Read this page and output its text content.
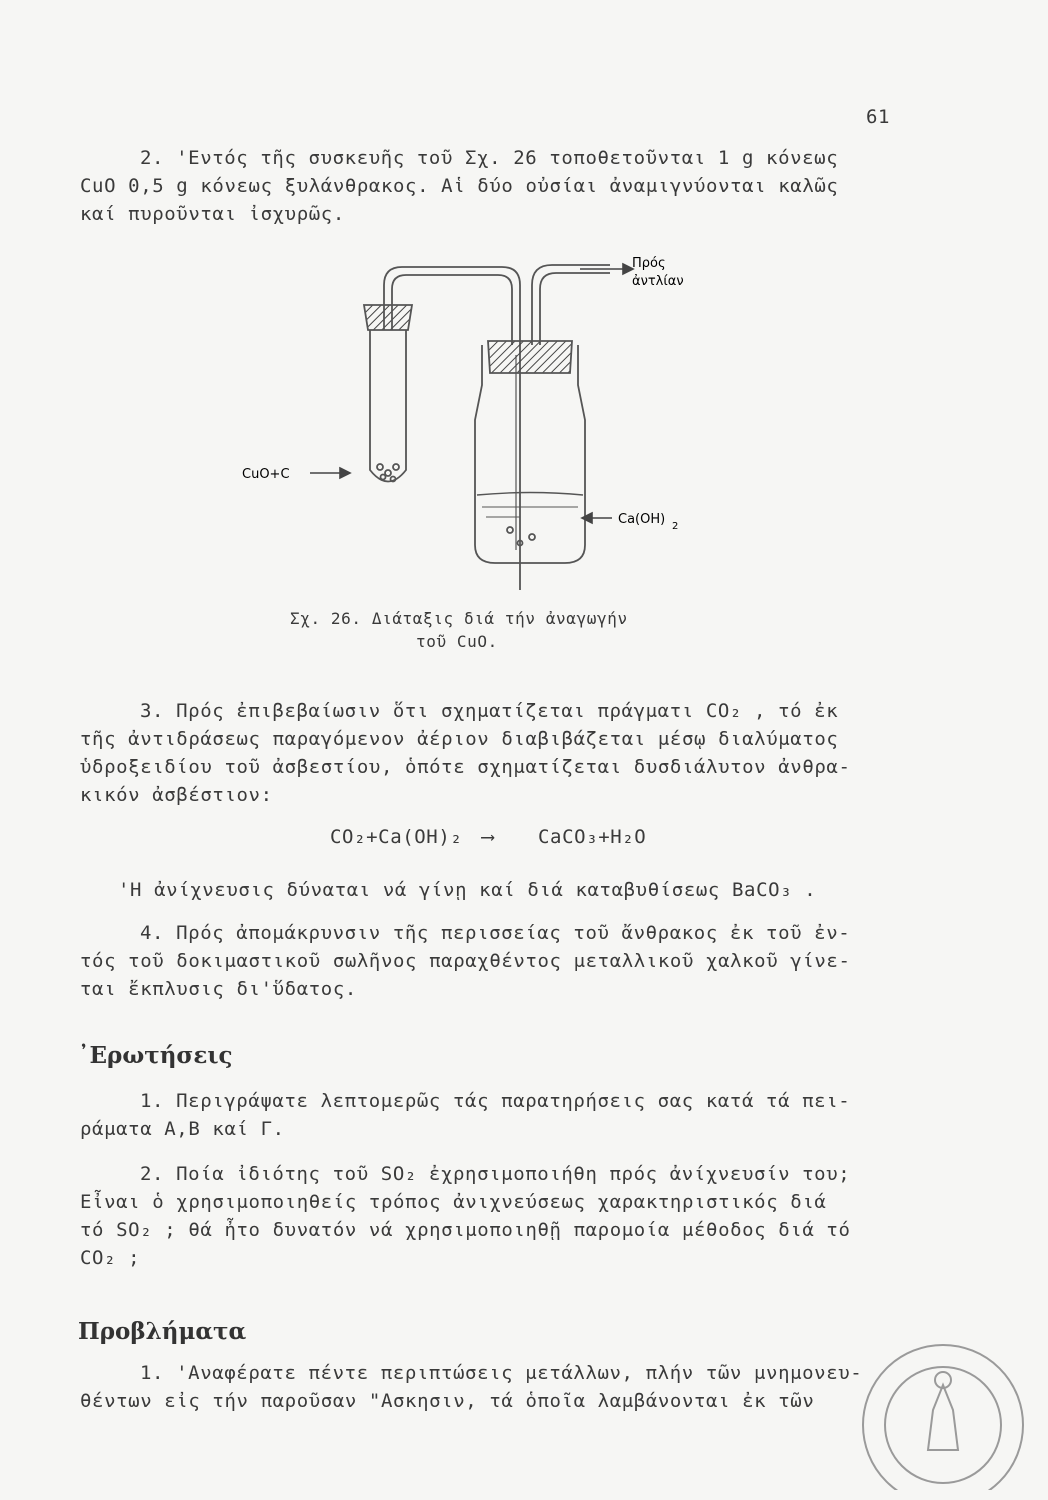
61
2. 'Εντός τῆς συσκευῆς τοῦ Σχ. 26 τοποθετοῦνται 1 g κόνεως
CuO 0,5 g κόνεως ξυλάνθρακος. Αἱ δύο οὐσίαι ἀναμιγνύονται καλῶς
καί πυροῦνται ἰσχυρῶς.
Πρός
ἀντλίαν
CuO+C
Ca(OH) 2
Σχ. 26. Διάταξις διά τήν ἀναγωγήν
τοῦ CuO.
3. Πρός ἐπιβεβαίωσιν ὅτι σχηματίζεται πράγματι CO₂ , τό ἐκ
τῆς ἀντιδράσεως παραγόμενον ἀέριον διαβιβάζεται μέσῳ διαλύματος
ὑδροξειδίου τοῦ ἀσβεστίου, ὁπότε σχηματίζεται δυσδιάλυτον ἀνθρα-
κικόν ἀσβέστιον:
CO₂+Ca(OH)₂ ⟶ CaCO₃+H₂O
'Η ἀνίχνευσις δύναται νά γίνῃ καί διά καταβυθίσεως BaCO₃ .
4. Πρός ἀπομάκρυνσιν τῆς περισσείας τοῦ ἄνθρακος ἐκ τοῦ ἐν-
τός τοῦ δοκιμαστικοῦ σωλῆνος παραχθέντος μεταλλικοῦ χαλκοῦ γίνε-
ται ἔκπλυσις δι'ὕδατος.
᾿Ερωτήσεις
1. Περιγράψατε λεπτομερῶς τάς παρατηρήσεις σας κατά τά πει-
ράματα Α,Β καί Γ.
2. Ποία ἰδιότης τοῦ SO₂ ἐχρησιμοποιήθη πρός ἀνίχνευσίν του;
Εἶναι ὁ χρησιμοποιηθείς τρόπος ἀνιχνεύσεως χαρακτηριστικός διά
τό SO₂ ; θά ἦτο δυνατόν νά χρησιμοποιηθῇ παρομοία μέθοδος διά τό
CO₂ ;
Προβλήματα
1. 'Αναφέρατε πέντε περιπτώσεις μετάλλων, πλήν τῶν μνημονευ-
θέντων εἰς τήν παροῦσαν "Ασκησιν, τά ὁποῖα λαμβάνονται ἐκ τῶν
